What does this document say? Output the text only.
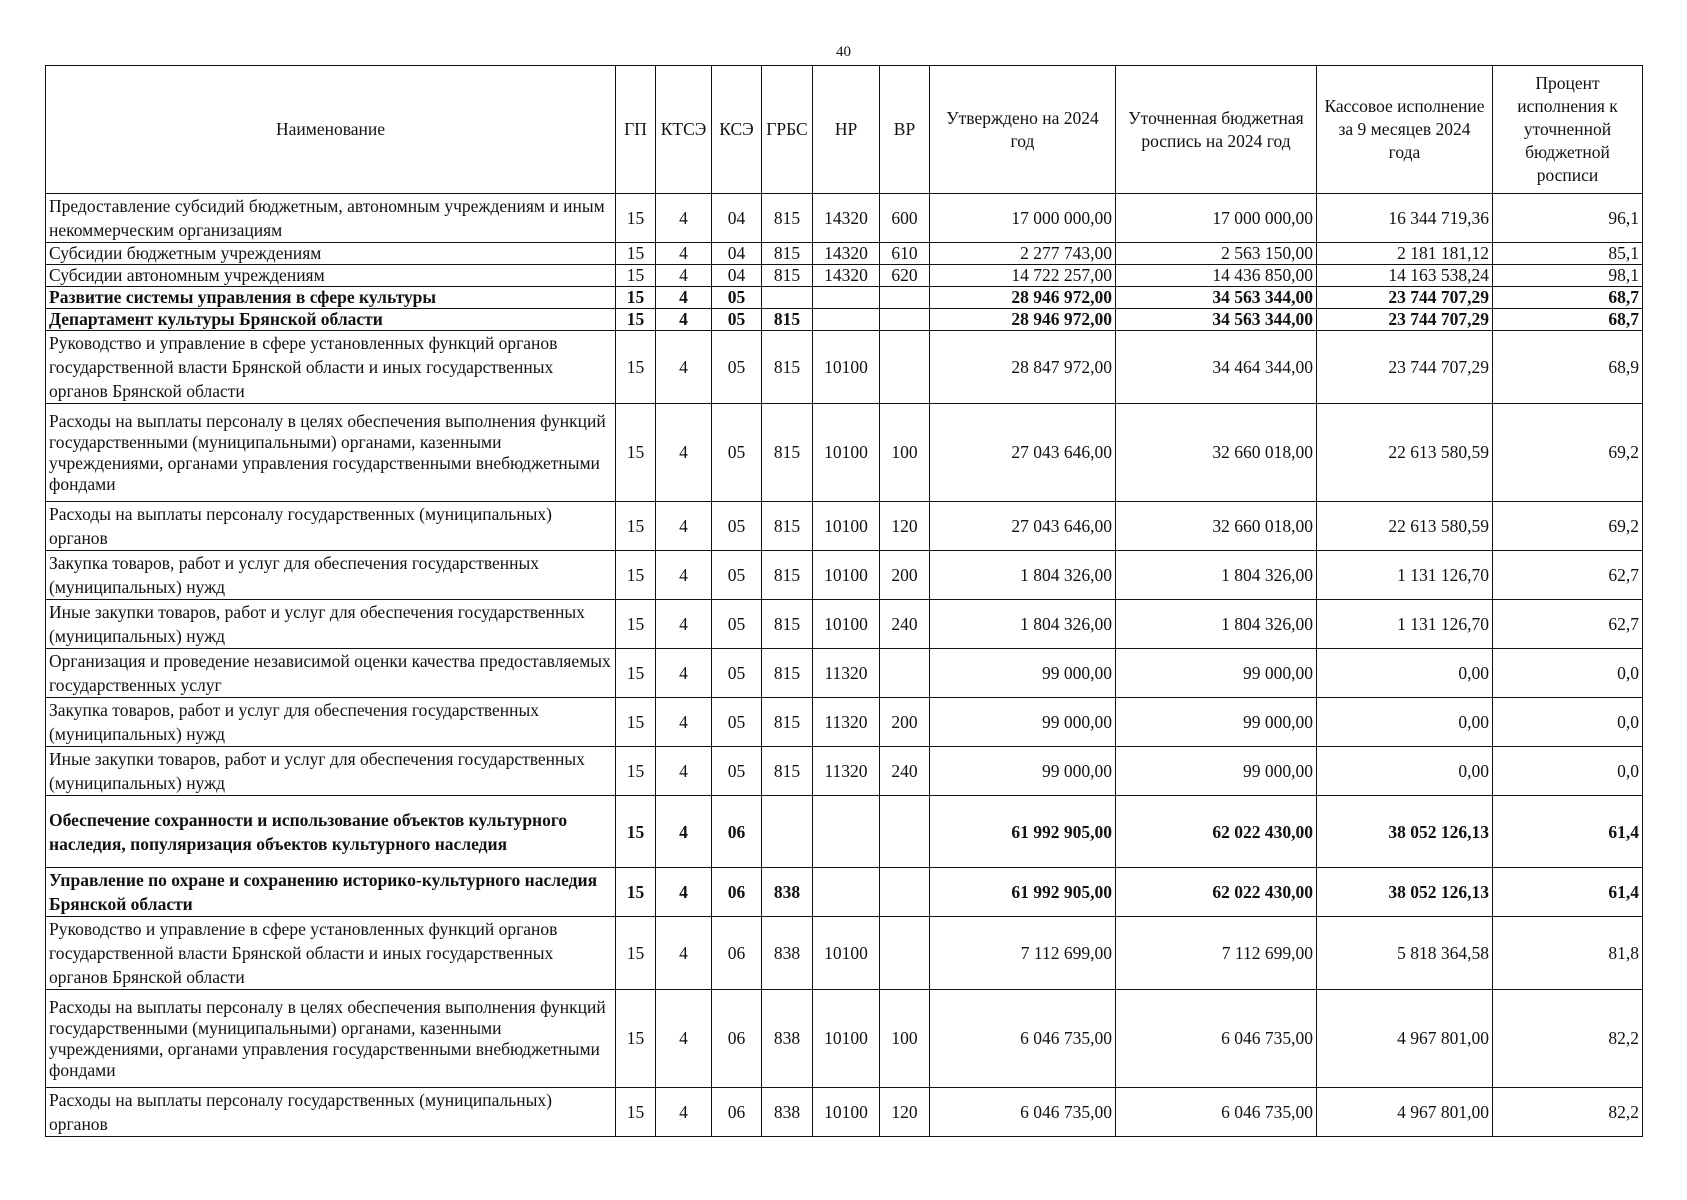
40
Наименование	ГП	КТСЭ	КСЭ	ГРБС	НР	ВР	Утверждено на 2024 год	Уточненная бюджетная роспись на 2024 год	Кассовое исполнение за 9 месяцев 2024 года	Процент исполнения к уточненной бюджетной росписи
Предоставление субсидий бюджетным, автономным учреждениям и иным некоммерческим организациям	15	4	04	815	14320	600	17 000 000,00	17 000 000,00	16 344 719,36	96,1
Субсидии бюджетным учреждениям	15	4	04	815	14320	610	2 277 743,00	2 563 150,00	2 181 181,12	85,1
Субсидии автономным учреждениям	15	4	04	815	14320	620	14 722 257,00	14 436 850,00	14 163 538,24	98,1
Развитие системы управления в сфере культуры	15	4	05				28 946 972,00	34 563 344,00	23 744 707,29	68,7
Департамент культуры Брянской области	15	4	05	815			28 946 972,00	34 563 344,00	23 744 707,29	68,7
Руководство и управление в сфере установленных функций органов государственной власти Брянской области и иных государственных органов Брянской области	15	4	05	815	10100		28 847 972,00	34 464 344,00	23 744 707,29	68,9
Расходы на выплаты персоналу в целях обеспечения выполнения функций государственными (муниципальными) органами, казенными учреждениями, органами управления государственными внебюджетными фондами	15	4	05	815	10100	100	27 043 646,00	32 660 018,00	22 613 580,59	69,2
Расходы на выплаты персоналу государственных (муниципальных) органов	15	4	05	815	10100	120	27 043 646,00	32 660 018,00	22 613 580,59	69,2
Закупка товаров, работ и услуг для обеспечения государственных (муниципальных) нужд	15	4	05	815	10100	200	1 804 326,00	1 804 326,00	1 131 126,70	62,7
Иные закупки товаров, работ и услуг для обеспечения государственных (муниципальных) нужд	15	4	05	815	10100	240	1 804 326,00	1 804 326,00	1 131 126,70	62,7
Организация и проведение независимой оценки качества предоставляемых государственных услуг	15	4	05	815	11320		99 000,00	99 000,00	0,00	0,0
Закупка товаров, работ и услуг для обеспечения государственных (муниципальных) нужд	15	4	05	815	11320	200	99 000,00	99 000,00	0,00	0,0
Иные закупки товаров, работ и услуг для обеспечения государственных (муниципальных) нужд	15	4	05	815	11320	240	99 000,00	99 000,00	0,00	0,0
Обеспечение сохранности и использование объектов культурного наследия, популяризация объектов культурного наследия	15	4	06				61 992 905,00	62 022 430,00	38 052 126,13	61,4
Управление по охране и сохранению историко-культурного наследия Брянской области	15	4	06	838			61 992 905,00	62 022 430,00	38 052 126,13	61,4
Руководство и управление в сфере установленных функций органов государственной власти Брянской области и иных государственных органов Брянской области	15	4	06	838	10100		7 112 699,00	7 112 699,00	5 818 364,58	81,8
Расходы на выплаты персоналу в целях обеспечения выполнения функций государственными (муниципальными) органами, казенными учреждениями, органами управления государственными внебюджетными фондами	15	4	06	838	10100	100	6 046 735,00	6 046 735,00	4 967 801,00	82,2
Расходы на выплаты персоналу государственных (муниципальных) органов	15	4	06	838	10100	120	6 046 735,00	6 046 735,00	4 967 801,00	82,2
